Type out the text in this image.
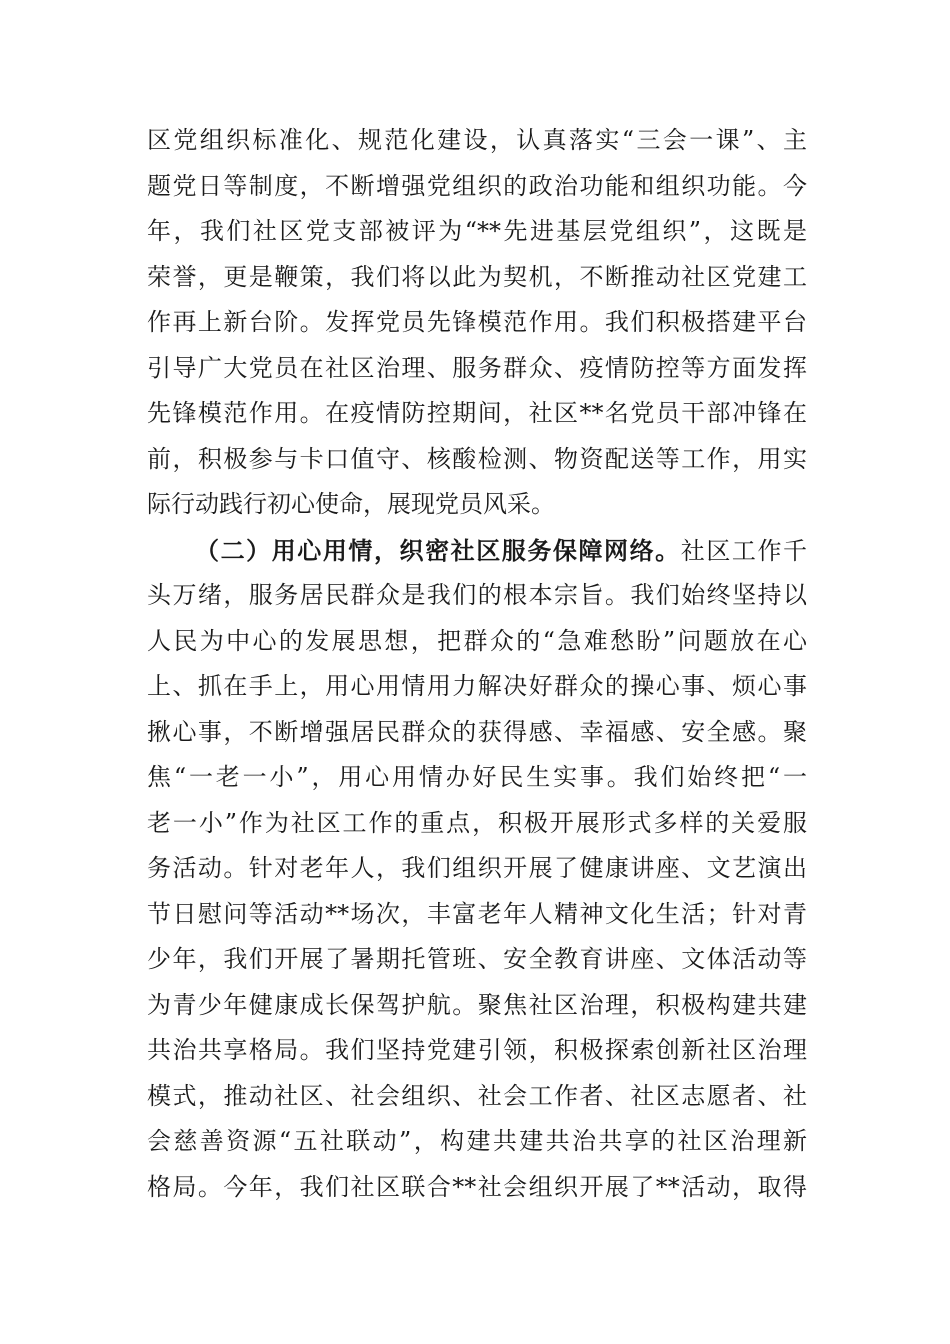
区党组织标准化、规范化建设，认真落实“三会一课”、主
题党日等制度，不断增强党组织的政治功能和组织功能。今
年，我们社区党支部被评为“**先进基层党组织”，这既是
荣誉，更是鞭策，我们将以此为契机，不断推动社区党建工
作再上新台阶。发挥党员先锋模范作用。我们积极搭建平台
引导广大党员在社区治理、服务群众、疫情防控等方面发挥
先锋模范作用。在疫情防控期间，社区**名党员干部冲锋在
前，积极参与卡口值守、核酸检测、物资配送等工作，用实
际行动践行初心使命，展现党员风采。
（二）用心用情，织密社区服务保障网络。社区工作千
头万绪，服务居民群众是我们的根本宗旨。我们始终坚持以
人民为中心的发展思想，把群众的“急难愁盼”问题放在心
上、抓在手上，用心用情用力解决好群众的操心事、烦心事
揪心事，不断增强居民群众的获得感、幸福感、安全感。聚
焦“一老一小”，用心用情办好民生实事。我们始终把“一
老一小”作为社区工作的重点，积极开展形式多样的关爱服
务活动。针对老年人，我们组织开展了健康讲座、文艺演出
节日慰问等活动**场次，丰富老年人精神文化生活；针对青
少年，我们开展了暑期托管班、安全教育讲座、文体活动等
为青少年健康成长保驾护航。聚焦社区治理，积极构建共建
共治共享格局。我们坚持党建引领，积极探索创新社区治理
模式，推动社区、社会组织、社会工作者、社区志愿者、社
会慈善资源“五社联动”，构建共建共治共享的社区治理新
格局。今年，我们社区联合**社会组织开展了**活动，取得
